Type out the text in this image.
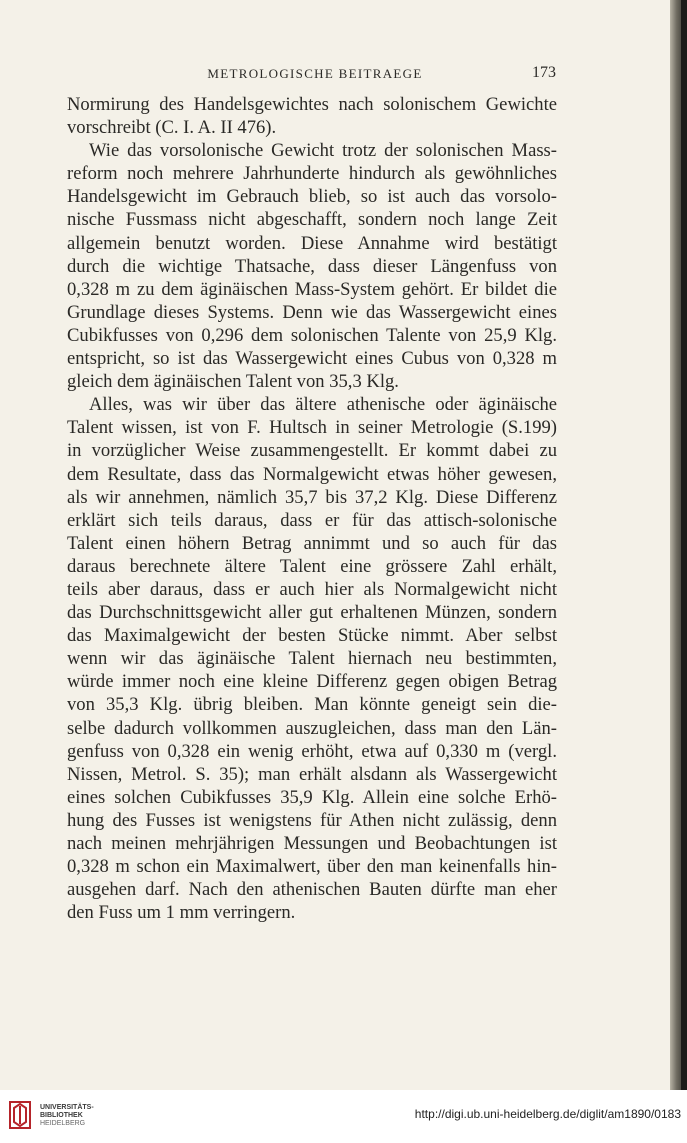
METROLOGISCHE BEITRAEGE	173
Normirung des Handelsgewichtes nach solonischem Gewichte
vorschreibt (C. I. A. II 476).
Wie das vorsolonische Gewicht trotz der solonischen Mass-
reform noch mehrere Jahrhunderte hindurch als gewöhnliches
Handelsgewicht im Gebrauch blieb, so ist auch das vorsolo-
nische Fussmass nicht abgeschafft, sondern noch lange Zeit
allgemein benutzt worden. Diese Annahme wird bestätigt
durch die wichtige Thatsache, dass dieser Längenfuss von
0,328 m zu dem äginäischen Mass-System gehört. Er bildet die
Grundlage dieses Systems. Denn wie das Wassergewicht eines
Cubikfusses von 0,296 dem solonischen Talente von 25,9 Klg.
entspricht, so ist das Wassergewicht eines Cubus von 0,328 m
gleich dem äginäischen Talent von 35,3 Klg.
Alles, was wir über das ältere athenische oder äginäische
Talent wissen, ist von F. Hultsch in seiner Metrologie (S.199)
in vorzüglicher Weise zusammengestellt. Er kommt dabei zu
dem Resultate, dass das Normalgewicht etwas höher gewesen,
als wir annehmen, nämlich 35,7 bis 37,2 Klg. Diese Differenz
erklärt sich teils daraus, dass er für das attisch-solonische
Talent einen höhern Betrag annimmt und so auch für das
daraus berechnete ältere Talent eine grössere Zahl erhält,
teils aber daraus, dass er auch hier als Normalgewicht nicht
das Durchschnittsgewicht aller gut erhaltenen Münzen, sondern
das Maximalgewicht der besten Stücke nimmt. Aber selbst
wenn wir das äginäische Talent hiernach neu bestimmten,
würde immer noch eine kleine Differenz gegen obigen Betrag
von 35,3 Klg. übrig bleiben. Man könnte geneigt sein die-
selbe dadurch vollkommen auszugleichen, dass man den Län-
genfuss von 0,328 ein wenig erhöht, etwa auf 0,330 m (vergl.
Nissen, Metrol. S. 35); man erhält alsdann als Wassergewicht
eines solchen Cubikfusses 35,9 Klg. Allein eine solche Erhö-
hung des Fusses ist wenigstens für Athen nicht zulässig, denn
nach meinen mehrjährigen Messungen und Beobachtungen ist
0,328 m schon ein Maximalwert, über den man keinenfalls hin-
ausgehen darf. Nach den athenischen Bauten dürfte man eher
den Fuss um 1 mm verringern.
UNIVERSITÄTS-
BIBLIOTHEK
HEIDELBERG
http://digi.ub.uni-heidelberg.de/diglit/am1890/0183
